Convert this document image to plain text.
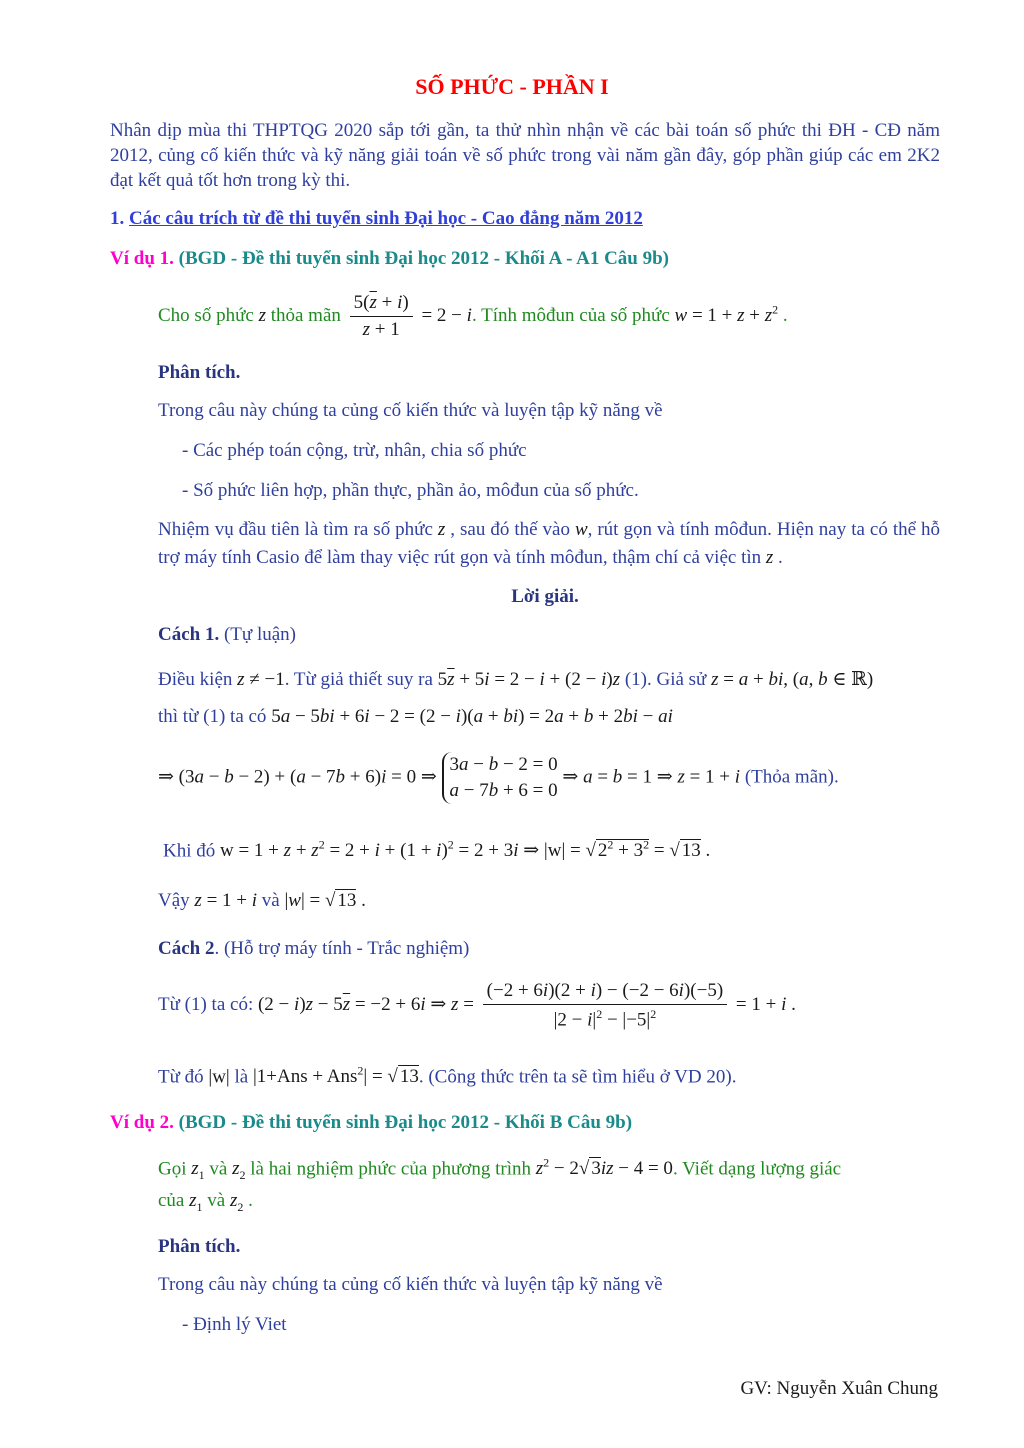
SỐ PHỨC - PHẦN I
Nhân dịp mùa thi THPTQG 2020 sắp tới gần, ta thử nhìn nhận về các bài toán số phức thi ĐH - CĐ năm 2012, củng cố kiến thức và kỹ năng giải toán về số phức trong vài năm gần đây, góp phần giúp các em 2K2 đạt kết quả tốt hơn trong kỳ thi.
1. Các câu trích từ đề thi tuyển sinh Đại học - Cao đẳng năm 2012
Ví dụ 1. (BGD - Đề thi tuyển sinh Đại học 2012 - Khối A - A1 Câu 9b)
Cho số phức z thỏa mãn $\frac{5(\overline{z} + i)}{z + 1} = 2 - i$. Tính môđun của số phức $w = 1 + z + z^2$ .
Phân tích.
Trong câu này chúng ta củng cố kiến thức và luyện tập kỹ năng về
- Các phép toán cộng, trừ, nhân, chia số phức
- Số phức liên hợp, phần thực, phần ảo, môđun của số phức.
Nhiệm vụ đầu tiên là tìm ra số phức z , sau đó thế vào w, rút gọn và tính môđun. Hiện nay ta có thể hỗ trợ máy tính Casio để làm thay việc rút gọn và tính môđun, thậm chí cả việc tìn z .
Lời giải.
Cách 1. (Tự luận)
Điều kiện z ≠ −1. Từ giả thiết suy ra $5\overline{z} + 5i = 2 - i + (2 - i)z$ (1). Giả sử z = a + bi, (a, b ∈ ℝ)
thì từ (1) ta có 5a − 5bi + 6i − 2 = (2 − i)(a + bi) = 2a + b + 2bi − ai
⇒ (3a − b − 2) + (a − 7b + 6)i = 0 ⇒
3a − b − 2 = 0
a − 7b + 6 = 0
⇒ a = b = 1 ⇒ z = 1 + i (Thỏa mãn).
Khi đó $w = 1 + z + z^2 = 2 + i + (1 + i)^2 = 2 + 3i$ ⇒ |w| = √ $2^2 + 3^2$ = √ 13 .
Vậy z = 1 + i và |w| = √ 13 .
Cách 2. (Hỗ trợ máy tính - Trắc nghiệm)
Từ (1) ta có: $(2 - i)z - 5\overline{z} = -2 + 6i$ ⇒ $z = \frac{(-2 + 6i)(2 + i) - (-2 - 6i)(-5)}{|2 - i|^2 - |-5|^2} = 1 + i$ .
Từ đó |w| là |1+Ans + Ans$^2$| = √ 13. (Công thức trên ta sẽ tìm hiểu ở VD 20).
Ví dụ 2. (BGD - Đề thi tuyển sinh Đại học 2012 - Khối B Câu 9b)
Gọi $z_1$ và $z_2$ là hai nghiệm phức của phương trình $z^2 - 2√$ 3iz − 4 = 0. Viết dạng lượng giác
của $z_1$ và $z_2$ .
Phân tích.
Trong câu này chúng ta củng cố kiến thức và luyện tập kỹ năng về
- Định lý Viet
GV: Nguyễn Xuân Chung
